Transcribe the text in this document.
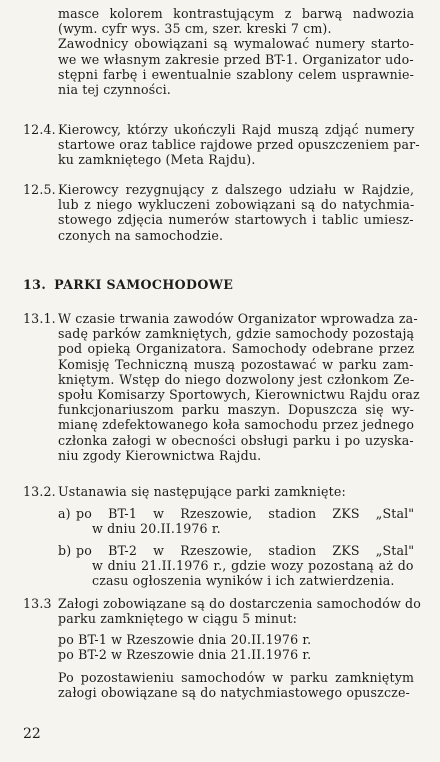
masce kolorem kontrastującym z barwą nadwozia
(wym. cyfr wys. 35 cm, szer. kreski 7 cm).
Zawodnicy obowiązani są wymalować numery starto-
we we własnym zakresie przed BT-1. Organizator udo-
stępni farbę i ewentualnie szablony celem usprawnie-
nia tej czynności.
12.4. Kierowcy, którzy ukończyli Rajd muszą zdjąć numery
startowe oraz tablice rajdowe przed opuszczeniem par-
ku zamkniętego (Meta Rajdu).
12.5. Kierowcy rezygnujący z dalszego udziału w Rajdzie,
lub z niego wykluczeni zobowiązani są do natychmia-
stowego zdjęcia numerów startowych i tablic umiesz-
czonych na samochodzie.
13. PARKI SAMOCHODOWE
13.1. W czasie trwania zawodów Organizator wprowadza za-
sadę parków zamkniętych, gdzie samochody pozostają
pod opieką Organizatora. Samochody odebrane przez
Komisję Techniczną muszą pozostawać w parku zam-
kniętym. Wstęp do niego dozwolony jest członkom Ze-
społu Komisarzy Sportowych, Kierownictwu Rajdu oraz
funkcjonariuszom parku maszyn. Dopuszcza się wy-
mianę zdefektowanego koła samochodu przez jednego
członka załogi w obecności obsługi parku i po uzyska-
niu zgody Kierownictwa Rajdu.
13.2. Ustanawia się następujące parki zamknięte:
a) po BT-1 w Rzeszowie, stadion ZKS „Stal"
w dniu 20.II.1976 r.
b) po BT-2 w Rzeszowie, stadion ZKS „Stal"
w dniu 21.II.1976 r., gdzie wozy pozostaną aż do
czasu ogłoszenia wyników i ich zatwierdzenia.
13.3 Załogi zobowiązane są do dostarczenia samochodów do
parku zamkniętego w ciągu 5 minut:
po BT-1 w Rzeszowie dnia 20.II.1976 r.
po BT-2 w Rzeszowie dnia 21.II.1976 r.
Po pozostawieniu samochodów w parku zamkniętym
załogi obowiązane są do natychmiastowego opuszcze-
22
